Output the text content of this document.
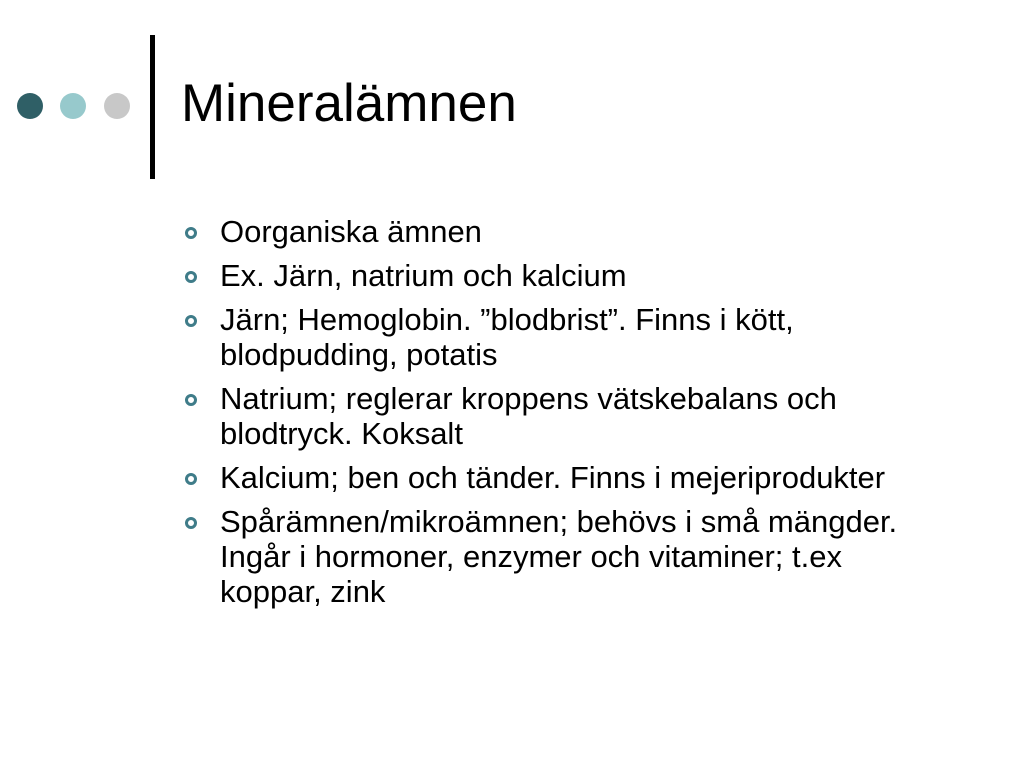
Mineralämnen
Oorganiska ämnen
Ex. Järn, natrium och kalcium
Järn; Hemoglobin. ”blodbrist”. Finns i kött, blodpudding, potatis
Natrium; reglerar kroppens vätskebalans och blodtryck. Koksalt
Kalcium; ben och tänder. Finns i mejeriprodukter
Spårämnen/mikroämnen; behövs i små mängder. Ingår i hormoner, enzymer och vitaminer; t.ex koppar, zink
